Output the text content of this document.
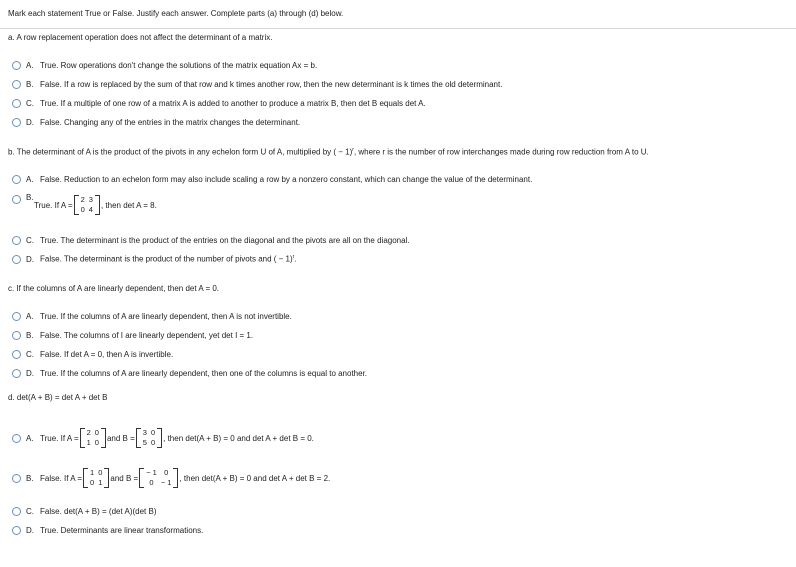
Mark each statement True or False. Justify each answer. Complete parts (a) through (d) below.
a. A row replacement operation does not affect the determinant of a matrix.
A. True. Row operations don't change the solutions of the matrix equation Ax = b.
B. False. If a row is replaced by the sum of that row and k times another row, then the new determinant is k times the old determinant.
C. True. If a multiple of one row of a matrix A is added to another to produce a matrix B, then det B equals det A.
D. False. Changing any of the entries in the matrix changes the determinant.
b. The determinant of A is the product of the pivots in any echelon form U of A, multiplied by ( − 1)$^r$, where r is the number of row interchanges made during row reduction from A to U.
A. False. Reduction to an echelon form may also include scaling a row by a nonzero constant, which can change the value of the determinant.
B.
True. If A =
2	3
0	4 , then det A = 8.
C. True. The determinant is the product of the entries on the diagonal and the pivots are all on the diagonal.
D. False. The determinant is the product of the number of pivots and ( − 1)$^r$.
c. If the columns of A are linearly dependent, then det A = 0.
A. True. If the columns of A are linearly dependent, then A is not invertible.
B. False. The columns of I are linearly dependent, yet det I = 1.
C. False. If det A = 0, then A is invertible.
D. True. If the columns of A are linearly dependent, then one of the columns is equal to another.
d. det(A + B) = det A + det B
A. True. If A =
2	0
1	0 and B =
3	0
5	0 , then det(A + B) = 0 and det A + det B = 0.
B. False. If A =
1	0
0	1 and B =
− 1	0
0	− 1 , then det(A + B) = 0 and det A + det B = 2.
C. False. det(A + B) = (det A)(det B)
D. True. Determinants are linear transformations.
